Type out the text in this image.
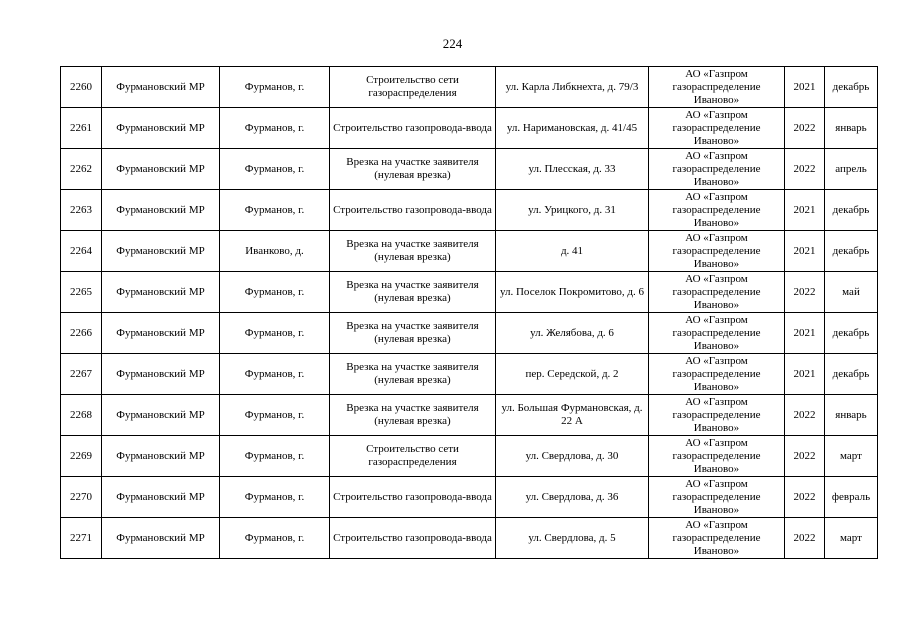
224
2260	Фурмановский МР	Фурманов, г.	Строительство сети газораспределения	ул. Карла Либкнехта, д. 79/3	АО «Газпром газораспределение Иваново»	2021	декабрь
2261	Фурмановский МР	Фурманов, г.	Строительство газопровода-ввода	ул. Наримановская, д. 41/45	АО «Газпром газораспределение Иваново»	2022	январь
2262	Фурмановский МР	Фурманов, г.	Врезка на участке заявителя (нулевая врезка)	ул. Плесская, д. 33	АО «Газпром газораспределение Иваново»	2022	апрель
2263	Фурмановский МР	Фурманов, г.	Строительство газопровода-ввода	ул. Урицкого, д. 31	АО «Газпром газораспределение Иваново»	2021	декабрь
2264	Фурмановский МР	Иванково, д.	Врезка на участке заявителя (нулевая врезка)	д. 41	АО «Газпром газораспределение Иваново»	2021	декабрь
2265	Фурмановский МР	Фурманов, г.	Врезка на участке заявителя (нулевая врезка)	ул. Поселок Покромитово, д. 6	АО «Газпром газораспределение Иваново»	2022	май
2266	Фурмановский МР	Фурманов, г.	Врезка на участке заявителя (нулевая врезка)	ул. Желябова, д. 6	АО «Газпром газораспределение Иваново»	2021	декабрь
2267	Фурмановский МР	Фурманов, г.	Врезка на участке заявителя (нулевая врезка)	пер. Середской, д. 2	АО «Газпром газораспределение Иваново»	2021	декабрь
2268	Фурмановский МР	Фурманов, г.	Врезка на участке заявителя (нулевая врезка)	ул. Большая Фурмановская, д. 22 А	АО «Газпром газораспределение Иваново»	2022	январь
2269	Фурмановский МР	Фурманов, г.	Строительство сети газораспределения	ул. Свердлова, д. 30	АО «Газпром газораспределение Иваново»	2022	март
2270	Фурмановский МР	Фурманов, г.	Строительство газопровода-ввода	ул. Свердлова, д. 36	АО «Газпром газораспределение Иваново»	2022	февраль
2271	Фурмановский МР	Фурманов, г.	Строительство газопровода-ввода	ул. Свердлова, д. 5	АО «Газпром газораспределение Иваново»	2022	март
